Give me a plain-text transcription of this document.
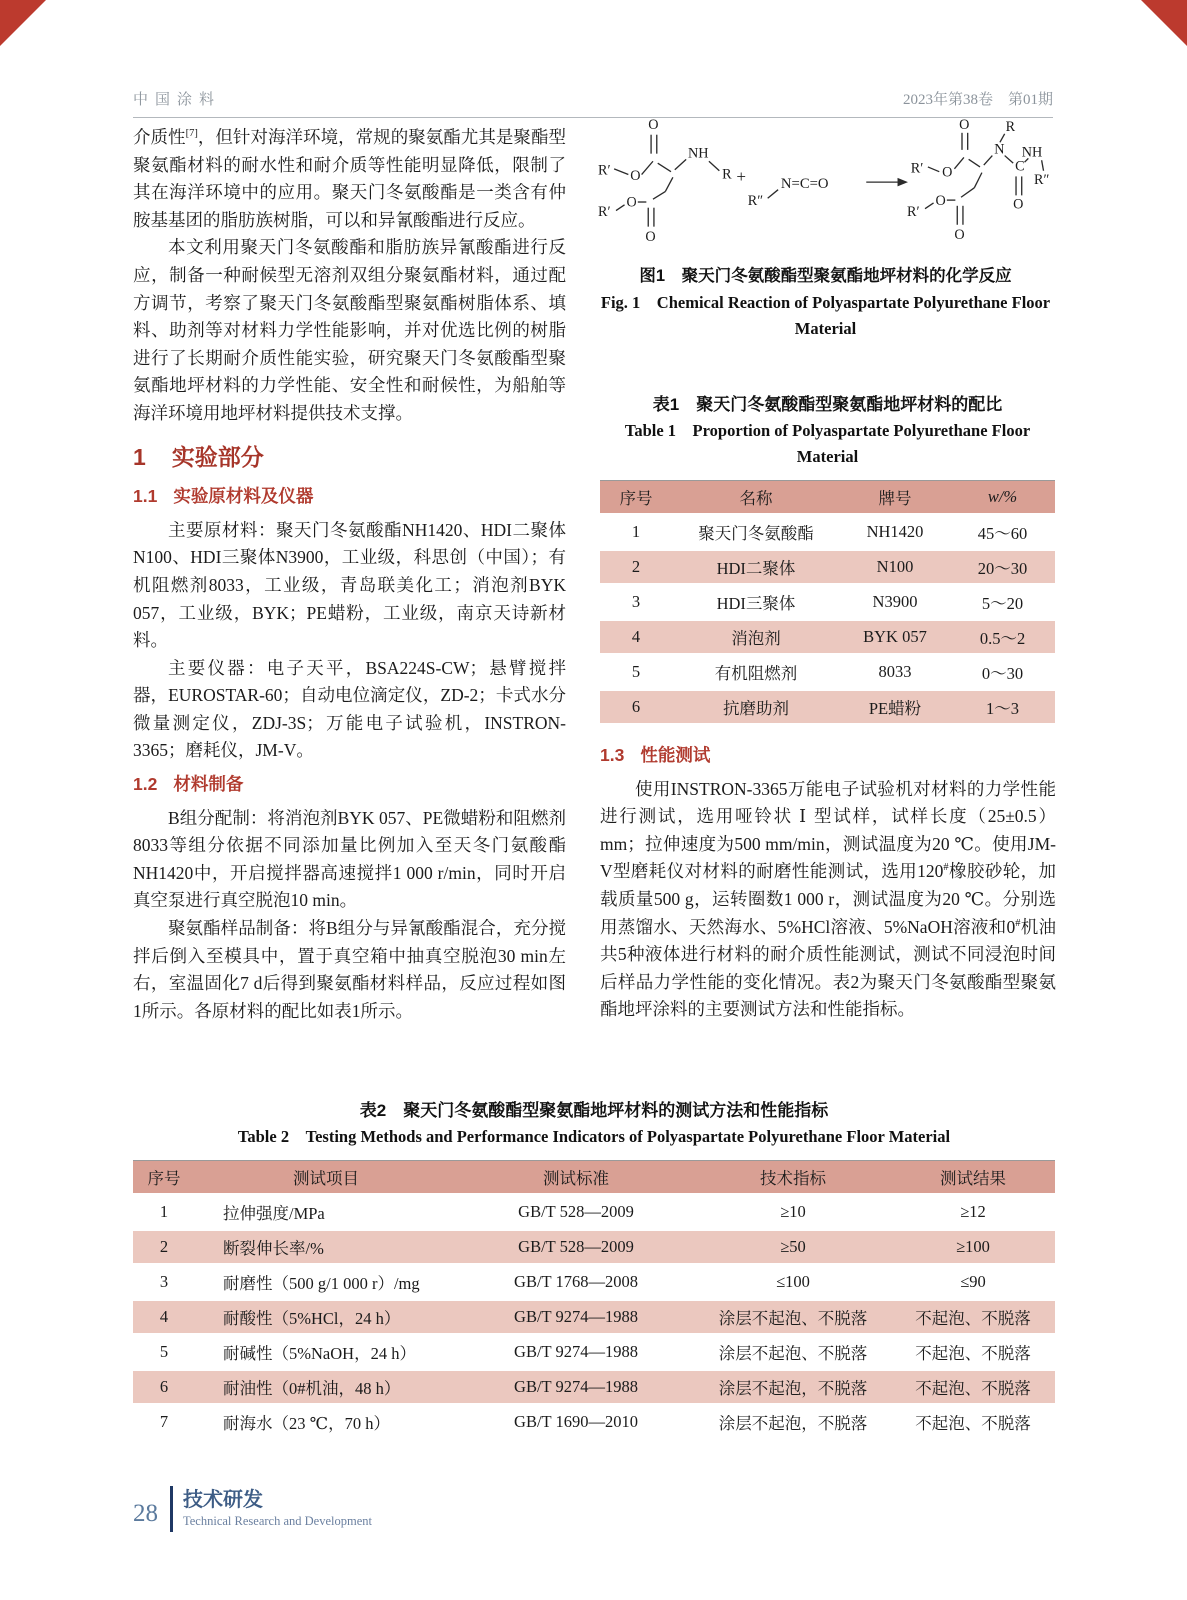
中国涂料	2023年第38卷　第01期

介质性[7]，但针对海洋环境，常规的聚氨酯尤其是聚酯型聚氨酯材料的耐水性和耐介质等性能明显降低，限制了其在海洋环境中的应用。聚天门冬氨酸酯是一类含有仲胺基基团的脂肪族树脂，可以和异氰酸酯进行反应。

本文利用聚天门冬氨酸酯和脂肪族异氰酸酯进行反应，制备一种耐候型无溶剂双组分聚氨酯材料，通过配方调节，考察了聚天门冬氨酸酯型聚氨酯树脂体系、填料、助剂等对材料力学性能影响，并对优选比例的树脂进行了长期耐介质性能实验，研究聚天门冬氨酸酯型聚氨酯地坪材料的力学性能、安全性和耐候性，为船舶等海洋环境用地坪材料提供技术支撑。

1 实验部分
1.1 实验原材料及仪器

主要原材料：聚天门冬氨酸酯NH1420、HDI二聚体N100、HDI三聚体N3900，工业级，科思创（中国）；有机阻燃剂8033，工业级，青岛联美化工；消泡剂BYK 057，工业级，BYK；PE蜡粉，工业级，南京天诗新材料。

主要仪器：电子天平，BSA224S-CW；悬臂搅拌器，EUROSTAR-60；自动电位滴定仪，ZD-2；卡式水分微量测定仪，ZDJ-3S；万能电子试验机，INSTRON-3365；磨耗仪，JM-V。

1.2 材料制备

B组分配制：将消泡剂BYK 057、PE微蜡粉和阻燃剂8033等组分依据不同添加量比例加入至天冬门氨酸酯NH1420中，开启搅拌器高速搅拌1 000 r/min，同时开启真空泵进行真空脱泡10 min。

聚氨酯样品制备：将B组分与异氰酸酯混合，充分搅拌后倒入至模具中，置于真空箱中抽真空脱泡30 min左右，室温固化7 d后得到聚氨酯材料样品，反应过程如图1所示。各原材料的配比如表1所示。

R′ O
O
NH
R
O
R′
O
+
R″
N=C=O
R′ O
O
N
R
C
O
NH
R″
O
R′
O
图1　聚天门冬氨酸酯型聚氨酯地坪材料的化学反应
Fig. 1　Chemical Reaction of Polyaspartate Polyurethane Floor Material
表1　聚天门冬氨酸酯型聚氨酯地坪材料的配比
Table 1　Proportion of Polyaspartate Polyurethane Floor Material
序号	名称	牌号	w/%
1	聚天门冬氨酸酯	NH1420	45～60
2	HDI二聚体	N100	20～30
3	HDI三聚体	N3900	5～20
4	消泡剂	BYK 057	0.5～2
5	有机阻燃剂	8033	0～30
6	抗磨助剂	PE蜡粉	1～3
1.3 性能测试

使用INSTRON-3365万能电子试验机对材料的力学性能进行测试，选用哑铃状 Ⅰ 型试样，试样长度（25±0.5）mm；拉伸速度为500 mm/min，测试温度为20 ℃。使用JM-V型磨耗仪对材料的耐磨性能测试，选用120#橡胶砂轮，加载质量500 g，运转圈数1 000 r，测试温度为20 ℃。分别选用蒸馏水、天然海水、5%HCl溶液、5%NaOH溶液和0#机油共5种液体进行材料的耐介质性能测试，测试不同浸泡时间后样品力学性能的变化情况。表2为聚天门冬氨酸酯型聚氨酯地坪涂料的主要测试方法和性能指标。

表2　聚天门冬氨酸酯型聚氨酯地坪材料的测试方法和性能指标
Table 2　Testing Methods and Performance Indicators of Polyaspartate Polyurethane Floor Material
序号	测试项目	测试标准	技术指标	测试结果
1	拉伸强度/MPa	GB/T 528—2009	≥10	≥12
2	断裂伸长率/%	GB/T 528—2009	≥50	≥100
3	耐磨性（500 g/1 000 r）/mg	GB/T 1768—2008	≤100	≤90
4	耐酸性（5%HCl，24 h）	GB/T 9274—1988	涂层不起泡、不脱落	不起泡、不脱落
5	耐碱性（5%NaOH，24 h）	GB/T 9274—1988	涂层不起泡、不脱落	不起泡、不脱落
6	耐油性（0#机油，48 h）	GB/T 9274—1988	涂层不起泡，不脱落	不起泡、不脱落
7	耐海水（23 ℃，70 h）	GB/T 1690—2010	涂层不起泡，不脱落	不起泡、不脱落
28 技术研发
Technical Research and Development
